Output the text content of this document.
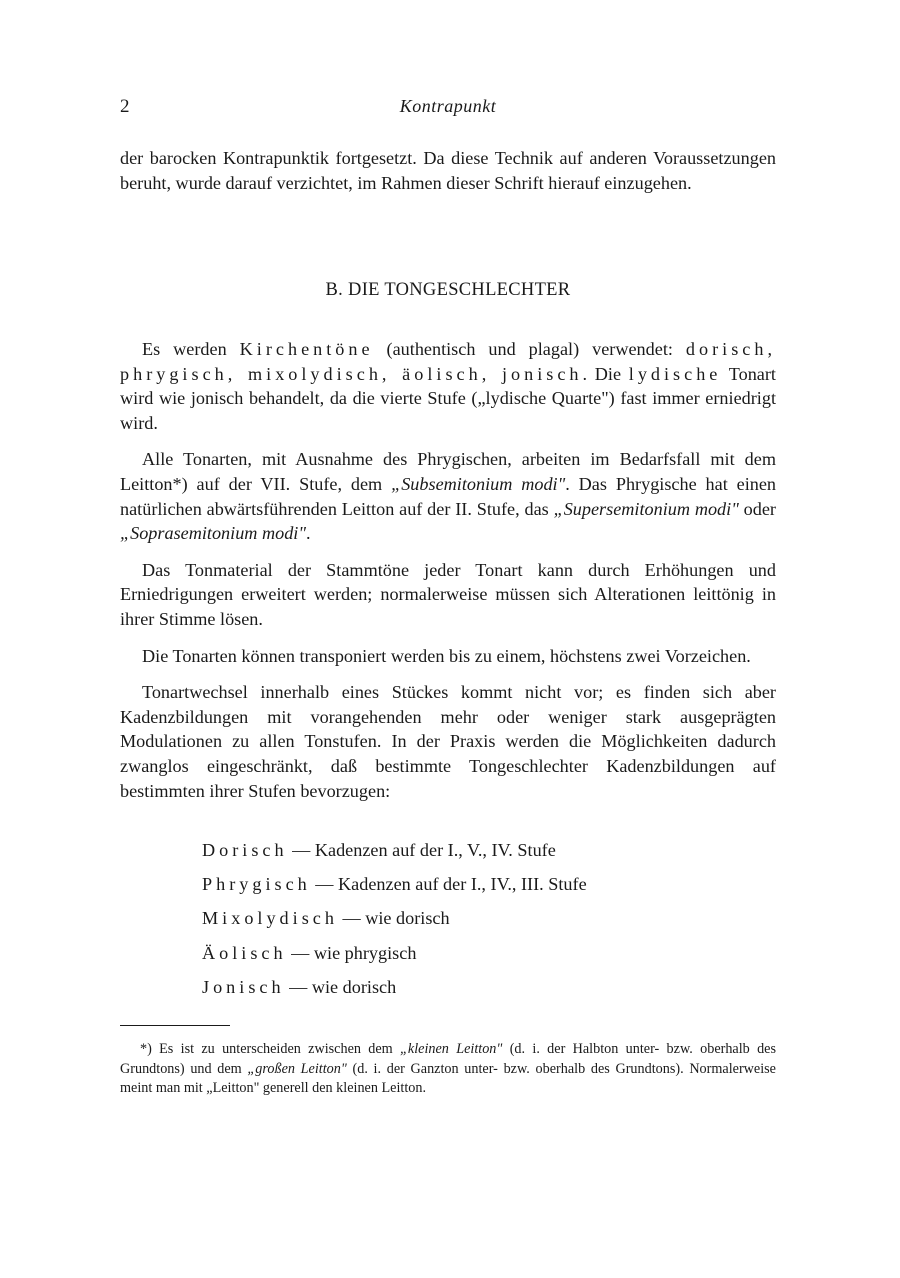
2	Kontrapunkt
der barocken Kontrapunktik fortgesetzt. Da diese Technik auf anderen Voraussetzungen beruht, wurde darauf verzichtet, im Rahmen dieser Schrift hierauf einzugehen.
B. DIE TONGESCHLECHTER

Es werden Kirchentöne (authentisch und plagal) verwendet: dorisch, phrygisch, mixolydisch, äolisch, jonisch. Die lydische Tonart wird wie jonisch behandelt, da die vierte Stufe („lydische Quarte") fast immer erniedrigt wird.

Alle Tonarten, mit Ausnahme des Phrygischen, arbeiten im Bedarfsfall mit dem Leitton*) auf der VII. Stufe, dem „Subsemitonium modi". Das Phrygische hat einen natürlichen abwärtsführenden Leitton auf der II. Stufe, das „Supersemitonium modi" oder „Soprasemitonium modi".

Das Tonmaterial der Stammtöne jeder Tonart kann durch Erhöhungen und Erniedrigungen erweitert werden; normalerweise müssen sich Alterationen leittönig in ihrer Stimme lösen.

Die Tonarten können transponiert werden bis zu einem, höchstens zwei Vorzeichen.

Tonartwechsel innerhalb eines Stückes kommt nicht vor; es finden sich aber Kadenzbildungen mit vorangehenden mehr oder weniger stark ausgeprägten Modulationen zu allen Tonstufen. In der Praxis werden die Möglichkeiten dadurch zwanglos eingeschränkt, daß bestimmte Tongeschlechter Kadenzbildungen auf bestimmten ihrer Stufen bevorzugen:

Dorisch — Kadenzen auf der I., V., IV. Stufe
Phrygisch — Kadenzen auf der I., IV., III. Stufe
Mixolydisch — wie dorisch
Äolisch — wie phrygisch
Jonisch — wie dorisch
*) Es ist zu unterscheiden zwischen dem „kleinen Leitton" (d. i. der Halbton unter- bzw. oberhalb des Grundtons) und dem „großen Leitton" (d. i. der Ganzton unter- bzw. oberhalb des Grundtons). Normalerweise meint man mit „Leitton" generell den kleinen Leitton.
